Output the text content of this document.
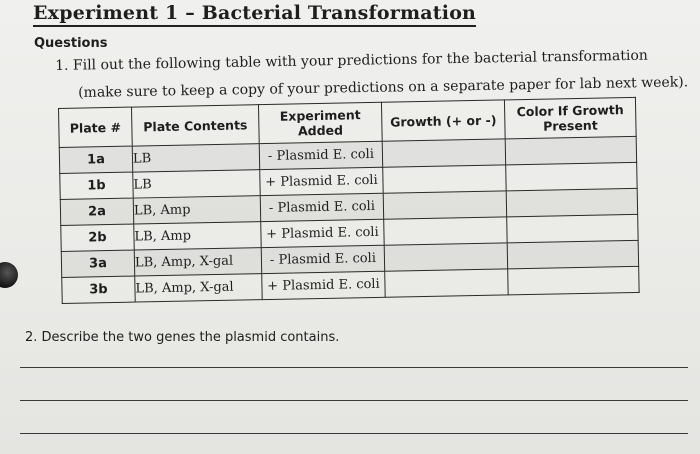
Experiment 1 – Bacterial Transformation
Questions
1. Fill out the following table with your predictions for the bacterial transformation
(make sure to keep a copy of your predictions on a separate paper for lab next week).
Plate #	Plate Contents	Experiment Added	Growth (+ or -)	Color If Growth Present
1a	LB	- Plasmid E. coli		
1b	LB	+ Plasmid E. coli		
2a	LB, Amp	- Plasmid E. coli		
2b	LB, Amp	+ Plasmid E. coli		
3a	LB, Amp, X-gal	- Plasmid E. coli		
3b	LB, Amp, X-gal	+ Plasmid E. coli		
2. Describe the two genes the plasmid contains.
